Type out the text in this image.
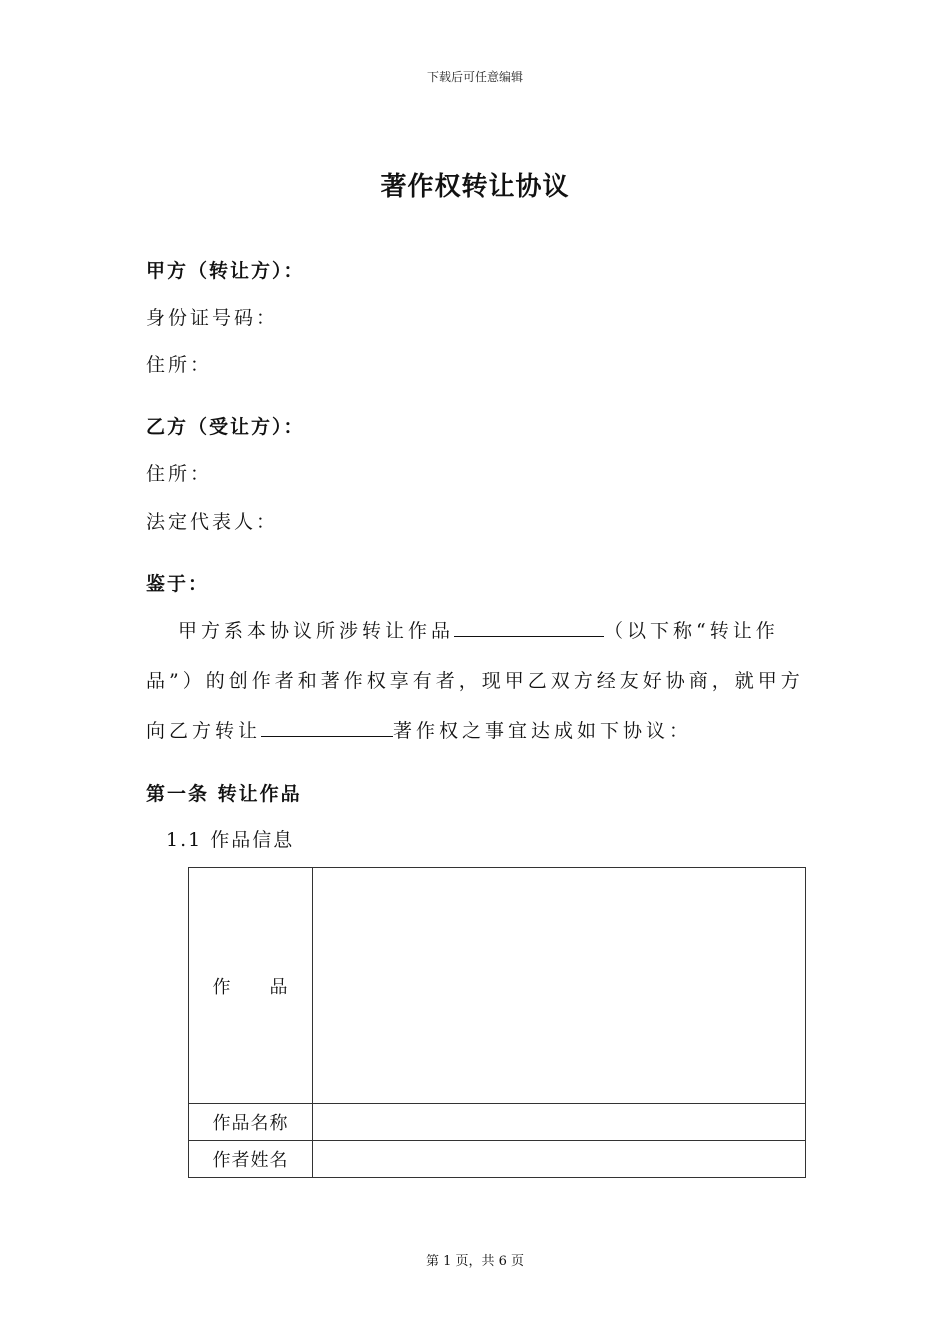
下载后可任意编辑
著作权转让协议
甲方（转让方）：
身份证号码：
住所：
乙方（受让方）：
住所：
法定代表人：
鉴于：
甲方系本协议所涉转让作品	（以下称“转让作
品”）的创作者和著作权享有者，现甲乙双方经友好协商，就甲方
向乙方转让	著作权之事宜达成如下协议：
第一条 转让作品
1.1 作品信息
作　　品	
作品名称	
作者姓名	
第 1 页，共 6 页
